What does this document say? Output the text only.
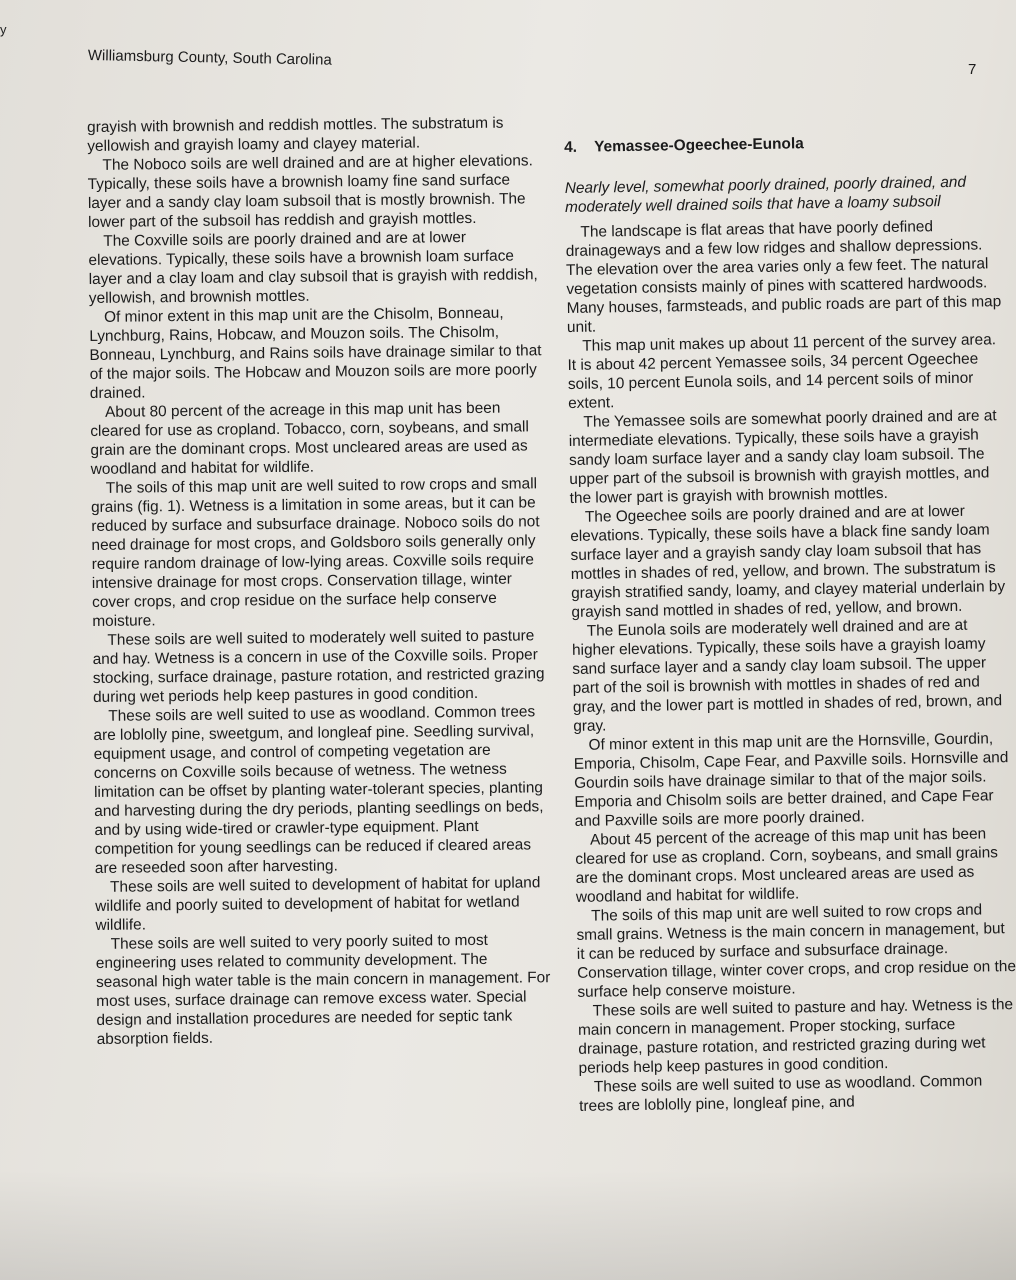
y
Williamsburg County, South Carolina
7

grayish with brownish and reddish mottles. The substratum is yellowish and grayish loamy and clayey material.

The Noboco soils are well drained and are at higher elevations. Typically, these soils have a brownish loamy fine sand surface layer and a sandy clay loam subsoil that is mostly brownish. The lower part of the subsoil has reddish and grayish mottles.

The Coxville soils are poorly drained and are at lower elevations. Typically, these soils have a brownish loam surface layer and a clay loam and clay subsoil that is grayish with reddish, yellowish, and brownish mottles.

Of minor extent in this map unit are the Chisolm, Bonneau, Lynchburg, Rains, Hobcaw, and Mouzon soils. The Chisolm, Bonneau, Lynchburg, and Rains soils have drainage similar to that of the major soils. The Hobcaw and Mouzon soils are more poorly drained.

About 80 percent of the acreage in this map unit has been cleared for use as cropland. Tobacco, corn, soybeans, and small grain are the dominant crops. Most uncleared areas are used as woodland and habitat for wildlife.

The soils of this map unit are well suited to row crops and small grains (fig. 1). Wetness is a limitation in some areas, but it can be reduced by surface and subsurface drainage. Noboco soils do not need drainage for most crops, and Goldsboro soils generally only require random drainage of low-lying areas. Coxville soils require intensive drainage for most crops. Conservation tillage, winter cover crops, and crop residue on the surface help conserve moisture.

These soils are well suited to moderately well suited to pasture and hay. Wetness is a concern in use of the Coxville soils. Proper stocking, surface drainage, pasture rotation, and restricted grazing during wet periods help keep pastures in good condition.

These soils are well suited to use as woodland. Common trees are loblolly pine, sweetgum, and longleaf pine. Seedling survival, equipment usage, and control of competing vegetation are concerns on Coxville soils because of wetness. The wetness limitation can be offset by planting water-tolerant species, planting and harvesting during the dry periods, planting seedlings on beds, and by using wide-tired or crawler-type equipment. Plant competition for young seedlings can be reduced if cleared areas are reseeded soon after harvesting.

These soils are well suited to development of habitat for upland wildlife and poorly suited to development of habitat for wetland wildlife.

These soils are well suited to very poorly suited to most engineering uses related to community development. The seasonal high water table is the main concern in management. For most uses, surface drainage can remove excess water. Special design and installation procedures are needed for septic tank absorption fields.

4. Yemassee-Ogeechee-Eunola

Nearly level, somewhat poorly drained, poorly drained, and moderately well drained soils that have a loamy subsoil

The landscape is flat areas that have poorly defined drainageways and a few low ridges and shallow depressions. The elevation over the area varies only a few feet. The natural vegetation consists mainly of pines with scattered hardwoods. Many houses, farmsteads, and public roads are part of this map unit.

This map unit makes up about 11 percent of the survey area. It is about 42 percent Yemassee soils, 34 percent Ogeechee soils, 10 percent Eunola soils, and 14 percent soils of minor extent.

The Yemassee soils are somewhat poorly drained and are at intermediate elevations. Typically, these soils have a grayish sandy loam surface layer and a sandy clay loam subsoil. The upper part of the subsoil is brownish with grayish mottles, and the lower part is grayish with brownish mottles.

The Ogeechee soils are poorly drained and are at lower elevations. Typically, these soils have a black fine sandy loam surface layer and a grayish sandy clay loam subsoil that has mottles in shades of red, yellow, and brown. The substratum is grayish stratified sandy, loamy, and clayey material underlain by grayish sand mottled in shades of red, yellow, and brown.

The Eunola soils are moderately well drained and are at higher elevations. Typically, these soils have a grayish loamy sand surface layer and a sandy clay loam subsoil. The upper part of the soil is brownish with mottles in shades of red and gray, and the lower part is mottled in shades of red, brown, and gray.

Of minor extent in this map unit are the Hornsville, Gourdin, Emporia, Chisolm, Cape Fear, and Paxville soils. Hornsville and Gourdin soils have drainage similar to that of the major soils. Emporia and Chisolm soils are better drained, and Cape Fear and Paxville soils are more poorly drained.

About 45 percent of the acreage of this map unit has been cleared for use as cropland. Corn, soybeans, and small grains are the dominant crops. Most uncleared areas are used as woodland and habitat for wildlife.

The soils of this map unit are well suited to row crops and small grains. Wetness is the main concern in management, but it can be reduced by surface and subsurface drainage. Conservation tillage, winter cover crops, and crop residue on the surface help conserve moisture.

These soils are well suited to pasture and hay. Wetness is the main concern in management. Proper stocking, surface drainage, pasture rotation, and restricted grazing during wet periods help keep pastures in good condition.

These soils are well suited to use as woodland. Common trees are loblolly pine, longleaf pine, and
